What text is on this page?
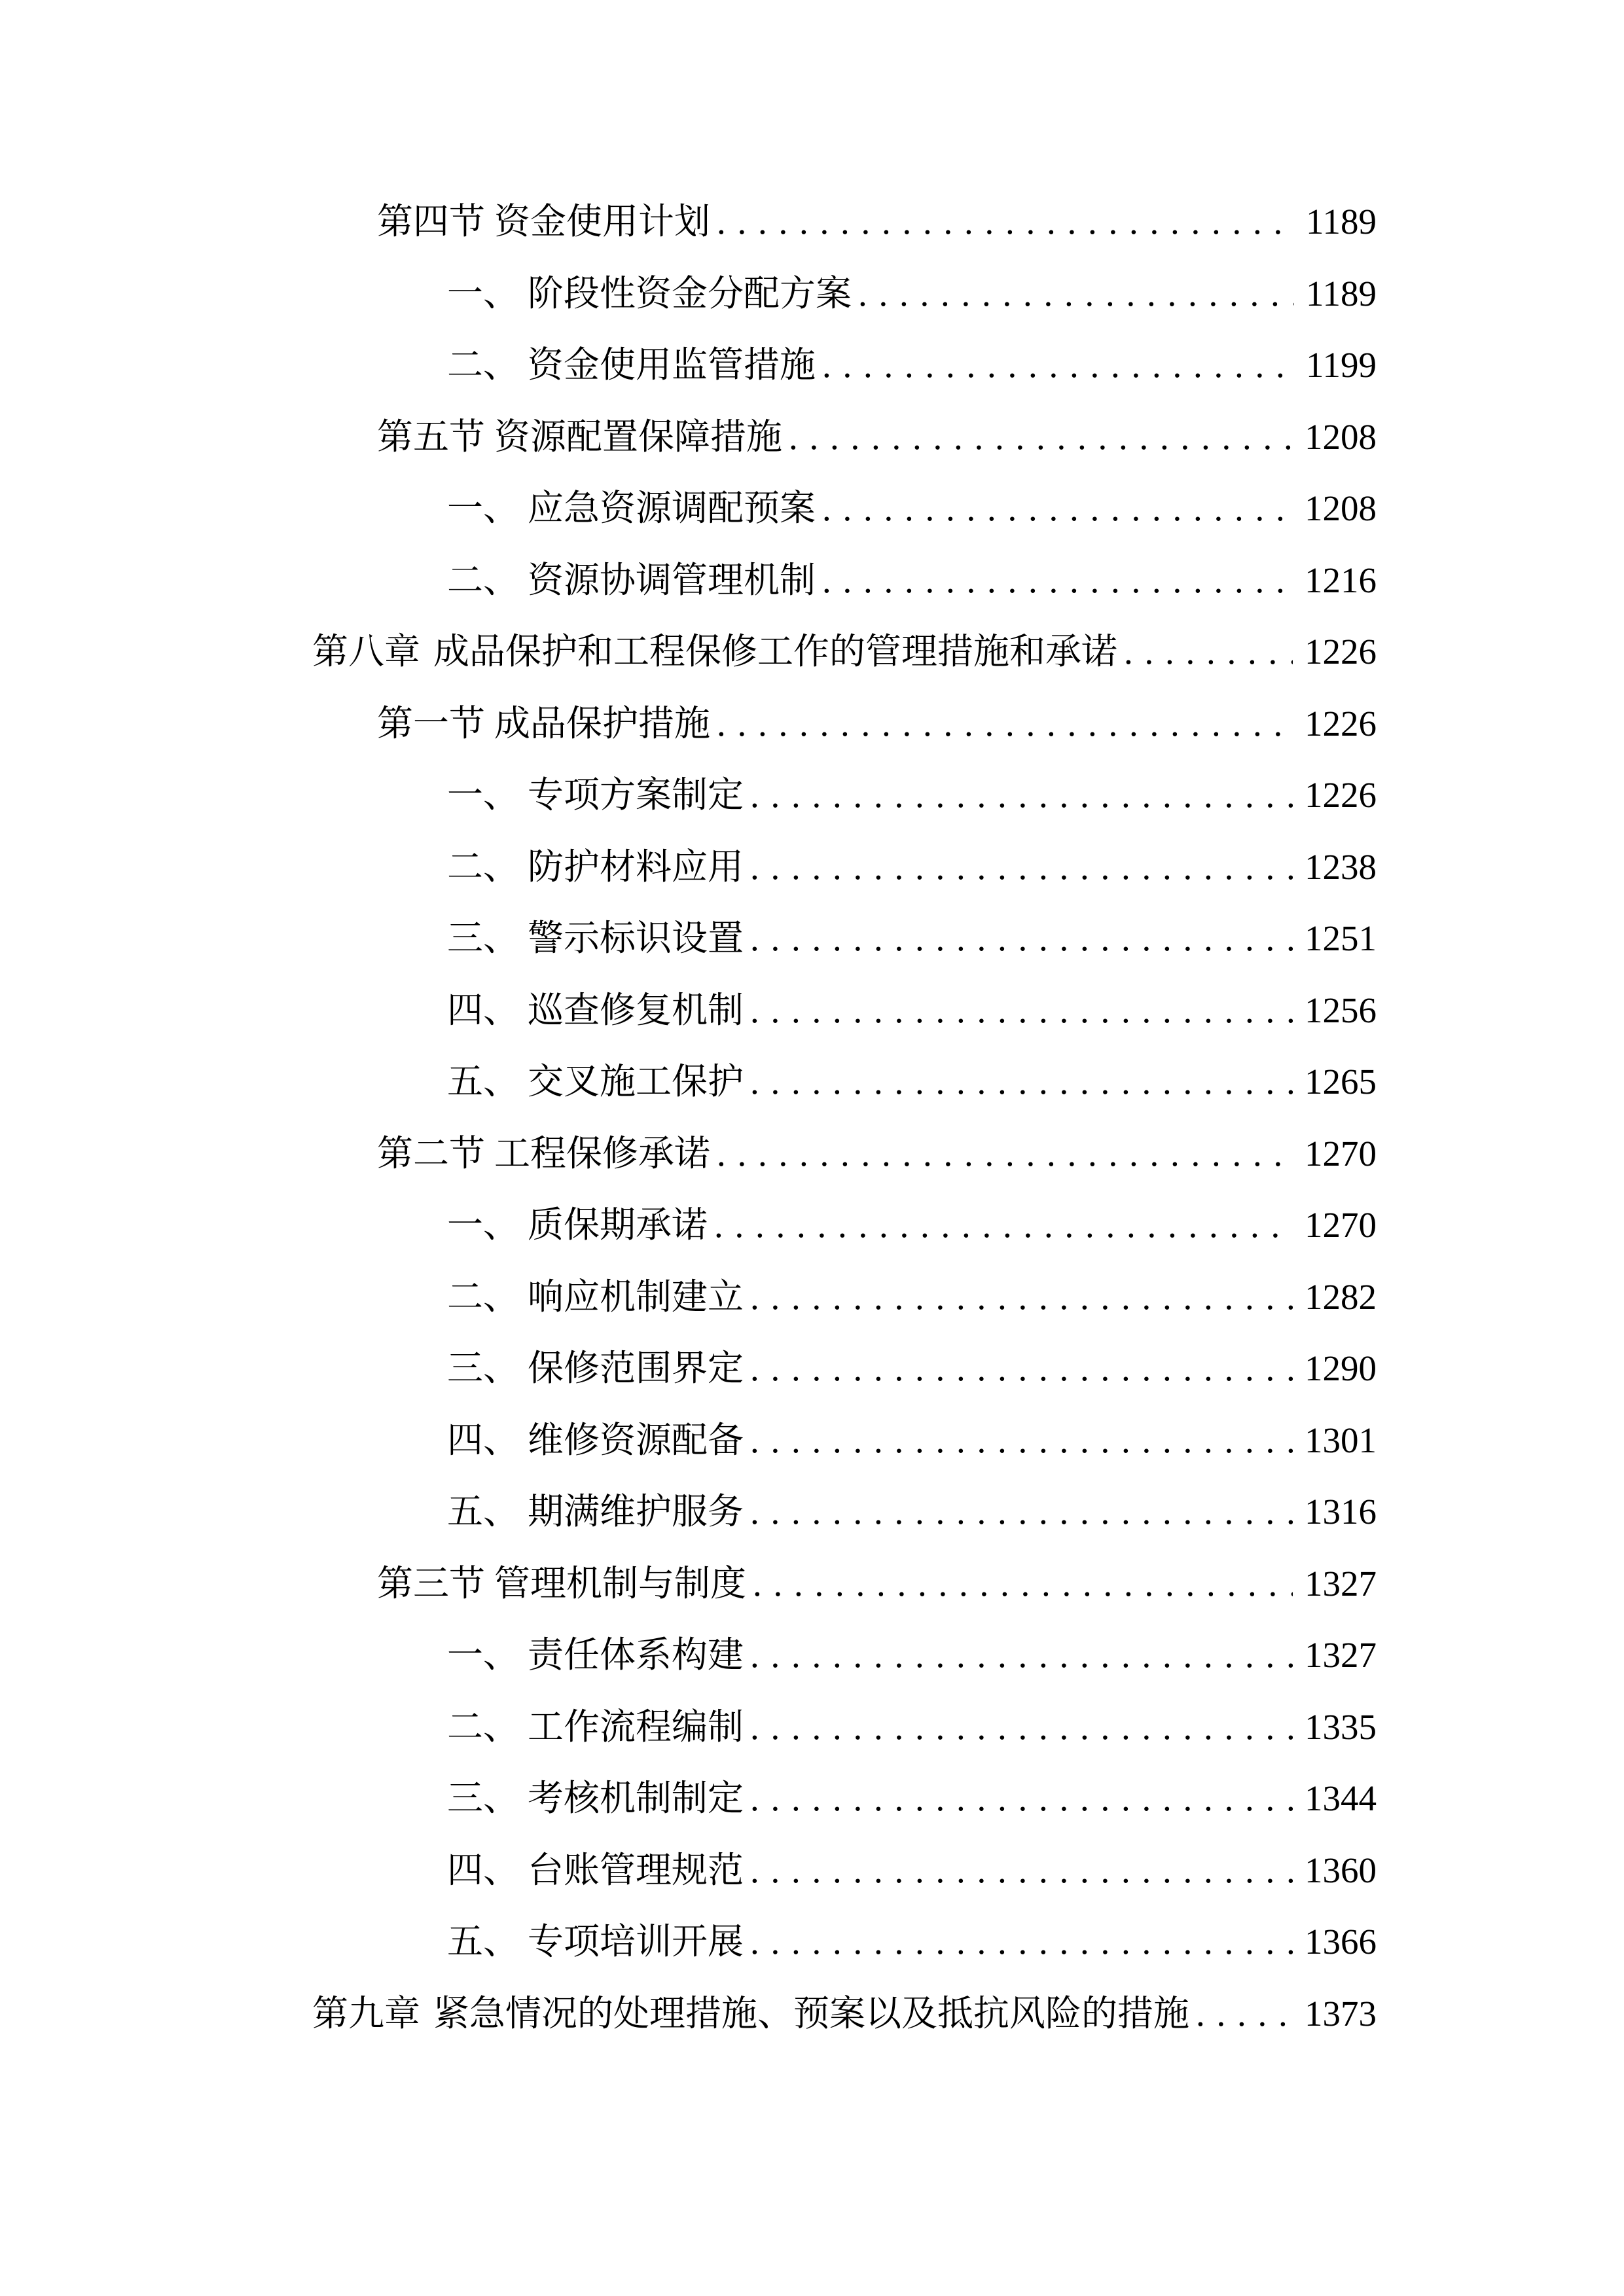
第四节 资金使用计划 . . .	1189
一、 阶段性资金分配方案 . . .	1189
二、 资金使用监管措施 . . .	1199
第五节 资源配置保障措施 . . .	1208
一、 应急资源调配预案 . . .	1208
二、 资源协调管理机制 . . .	1216
第八章 成品保护和工程保修工作的管理措施和承诺 . . .	1226
第一节 成品保护措施 . . .	1226
一、 专项方案制定 . . .	1226
二、 防护材料应用 . . .	1238
三、 警示标识设置 . . .	1251
四、 巡查修复机制 . . .	1256
五、 交叉施工保护 . . .	1265
第二节 工程保修承诺 . . .	1270
一、 质保期承诺 . . .	1270
二、 响应机制建立 . . .	1282
三、 保修范围界定 . . .	1290
四、 维修资源配备 . . .	1301
五、 期满维护服务 . . .	1316
第三节 管理机制与制度 . . .	1327
一、 责任体系构建 . . .	1327
二、 工作流程编制 . . .	1335
三、 考核机制制定 . . .	1344
四、 台账管理规范 . . .	1360
五、 专项培训开展 . . .	1366
第九章 紧急情况的处理措施、预案以及抵抗风险的措施 . . .	1373
